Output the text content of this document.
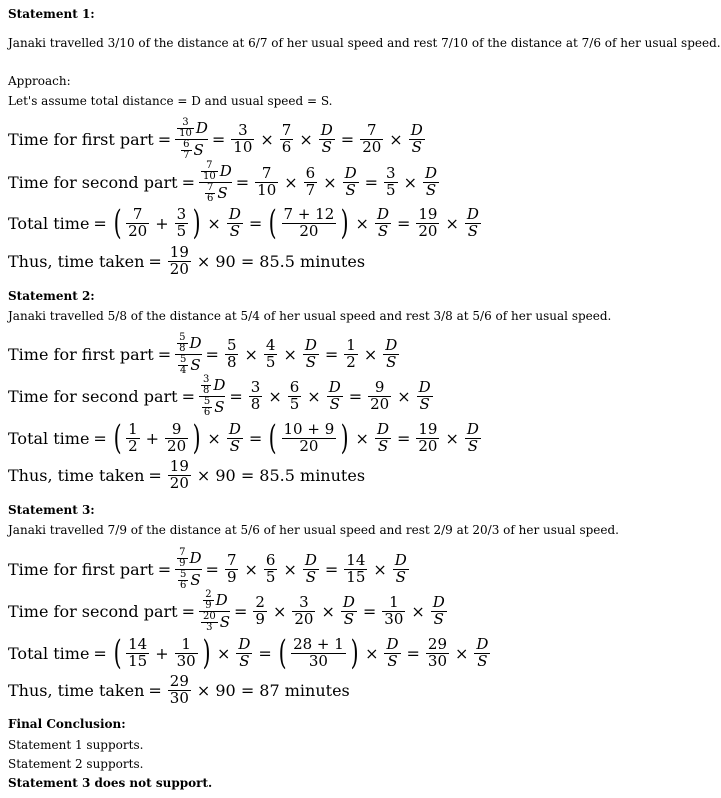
Statement 1:
Janaki travelled 3/10 of the distance at 6/7 of her usual speed and rest 7/10 of the distance at 7/6 of her usual speed.
Approach:
Let's assume total distance = D and usual speed = S.
Time for first part =
$\frac{3}{10}$ D
$\frac{6}{7}$ S
= $\frac{3}{10} \times \frac{7}{6} \times \frac{D}{S} = \frac{7}{20} \times \frac{D}{S}$
Time for second part =
$\frac{7}{10}$ D
$\frac{7}{6}$ S
= $\frac{7}{10} \times \frac{6}{7} \times \frac{D}{S} = \frac{3}{5} \times \frac{D}{S}$
Total time = ( $\frac{7}{20} + \frac{3}{5}$ ) × $\frac{D}{S}$ = ( $\frac{7 + 12}{20}$ ) × $\frac{D}{S} = \frac{19}{20} \times \frac{D}{S}$
Thus, time taken = $\frac{19}{20} \times 90 = 85.5$ minutes
Statement 2:
Janaki travelled 5/8 of the distance at 5/4 of her usual speed and rest 3/8 at 5/6 of her usual speed.
Time for first part =
$\frac{5}{8}$ D
$\frac{5}{4}$ S
= $\frac{5}{8} \times \frac{4}{5} \times \frac{D}{S} = \frac{1}{2} \times \frac{D}{S}$
Time for second part =
$\frac{3}{8}$ D
$\frac{5}{6}$ S
= $\frac{3}{8} \times \frac{6}{5} \times \frac{D}{S} = \frac{9}{20} \times \frac{D}{S}$
Total time = ( $\frac{1}{2} + \frac{9}{20}$ ) × $\frac{D}{S}$ = ( $\frac{10 + 9}{20}$ ) × $\frac{D}{S} = \frac{19}{20} \times \frac{D}{S}$
Thus, time taken = $\frac{19}{20} \times 90 = 85.5$ minutes
Statement 3:
Janaki travelled 7/9 of the distance at 5/6 of her usual speed and rest 2/9 at 20/3 of her usual speed.
Time for first part =
$\frac{7}{9}$ D
$\frac{5}{6}$ S
= $\frac{7}{9} \times \frac{6}{5} \times \frac{D}{S} = \frac{14}{15} \times \frac{D}{S}$
Time for second part =
$\frac{2}{9}$ D
$\frac{20}{3}$ S
= $\frac{2}{9} \times \frac{3}{20} \times \frac{D}{S} = \frac{1}{30} \times \frac{D}{S}$
Total time = ( $\frac{14}{15} + \frac{1}{30}$ ) × $\frac{D}{S}$ = ( $\frac{28 + 1}{30}$ ) × $\frac{D}{S} = \frac{29}{30} \times \frac{D}{S}$
Thus, time taken = $\frac{29}{30} \times 90 = 87$ minutes
Final Conclusion:
Statement 1 supports.
Statement 2 supports.
Statement 3 does not support.
